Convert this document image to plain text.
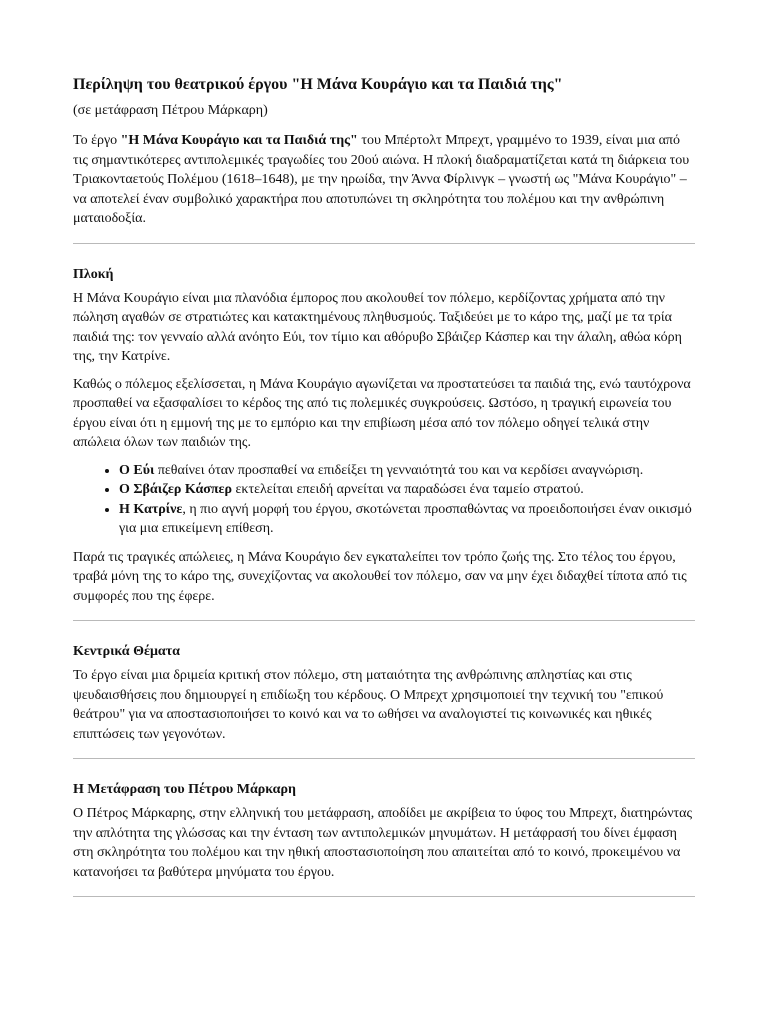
Περίληψη του θεατρικού έργου "Η Μάνα Κουράγιο και τα Παιδιά της"
(σε μετάφραση Πέτρου Μάρκαρη)

Το έργο "Η Μάνα Κουράγιο και τα Παιδιά της" του Μπέρτολτ Μπρεχτ, γραμμένο το 1939, είναι μια από τις σημαντικότερες αντιπολεμικές τραγωδίες του 20ού αιώνα. Η πλοκή διαδραματίζεται κατά τη διάρκεια του Τριακονταετούς Πολέμου (1618–1648), με την ηρωίδα, την Άννα Φίρλινγκ – γνωστή ως "Μάνα Κουράγιο" – να αποτελεί έναν συμβολικό χαρακτήρα που αποτυπώνει τη σκληρότητα του πολέμου και την ανθρώπινη ματαιοδοξία.

Πλοκή

Η Μάνα Κουράγιο είναι μια πλανόδια έμπορος που ακολουθεί τον πόλεμο, κερδίζοντας χρήματα από την πώληση αγαθών σε στρατιώτες και κατακτημένους πληθυσμούς. Ταξιδεύει με το κάρο της, μαζί με τα τρία παιδιά της: τον γενναίο αλλά ανόητο Εύι, τον τίμιο και αθόρυβο Σβάιζερ Κάσπερ και την άλαλη, αθώα κόρη της, την Κατρίνε.

Καθώς ο πόλεμος εξελίσσεται, η Μάνα Κουράγιο αγωνίζεται να προστατεύσει τα παιδιά της, ενώ ταυτόχρονα προσπαθεί να εξασφαλίσει το κέρδος της από τις πολεμικές συγκρούσεις. Ωστόσο, η τραγική ειρωνεία του έργου είναι ότι η εμμονή της με το εμπόριο και την επιβίωση μέσα από τον πόλεμο οδηγεί τελικά στην απώλεια όλων των παιδιών της.

• Ο Εύι πεθαίνει όταν προσπαθεί να επιδείξει τη γενναιότητά του και να κερδίσει αναγνώριση.
• Ο Σβάιζερ Κάσπερ εκτελείται επειδή αρνείται να παραδώσει ένα ταμείο στρατού.
• Η Κατρίνε, η πιο αγνή μορφή του έργου, σκοτώνεται προσπαθώντας να προειδοποιήσει έναν οικισμό για μια επικείμενη επίθεση.

Παρά τις τραγικές απώλειες, η Μάνα Κουράγιο δεν εγκαταλείπει τον τρόπο ζωής της. Στο τέλος του έργου, τραβά μόνη της το κάρο της, συνεχίζοντας να ακολουθεί τον πόλεμο, σαν να μην έχει διδαχθεί τίποτα από τις συμφορές που της έφερε.

Κεντρικά Θέματα

Το έργο είναι μια δριμεία κριτική στον πόλεμο, στη ματαιότητα της ανθρώπινης απληστίας και στις ψευδαισθήσεις που δημιουργεί η επιδίωξη του κέρδους. Ο Μπρεχτ χρησιμοποιεί την τεχνική του "επικού θεάτρου" για να αποστασιοποιήσει το κοινό και να το ωθήσει να αναλογιστεί τις κοινωνικές και ηθικές επιπτώσεις των γεγονότων.

Η Μετάφραση του Πέτρου Μάρκαρη

Ο Πέτρος Μάρκαρης, στην ελληνική του μετάφραση, αποδίδει με ακρίβεια το ύφος του Μπρεχτ, διατηρώντας την απλότητα της γλώσσας και την ένταση των αντιπολεμικών μηνυμάτων. Η μετάφρασή του δίνει έμφαση στη σκληρότητα του πολέμου και την ηθική αποστασιοποίηση που απαιτείται από το κοινό, προκειμένου να κατανοήσει τα βαθύτερα μηνύματα του έργου.
